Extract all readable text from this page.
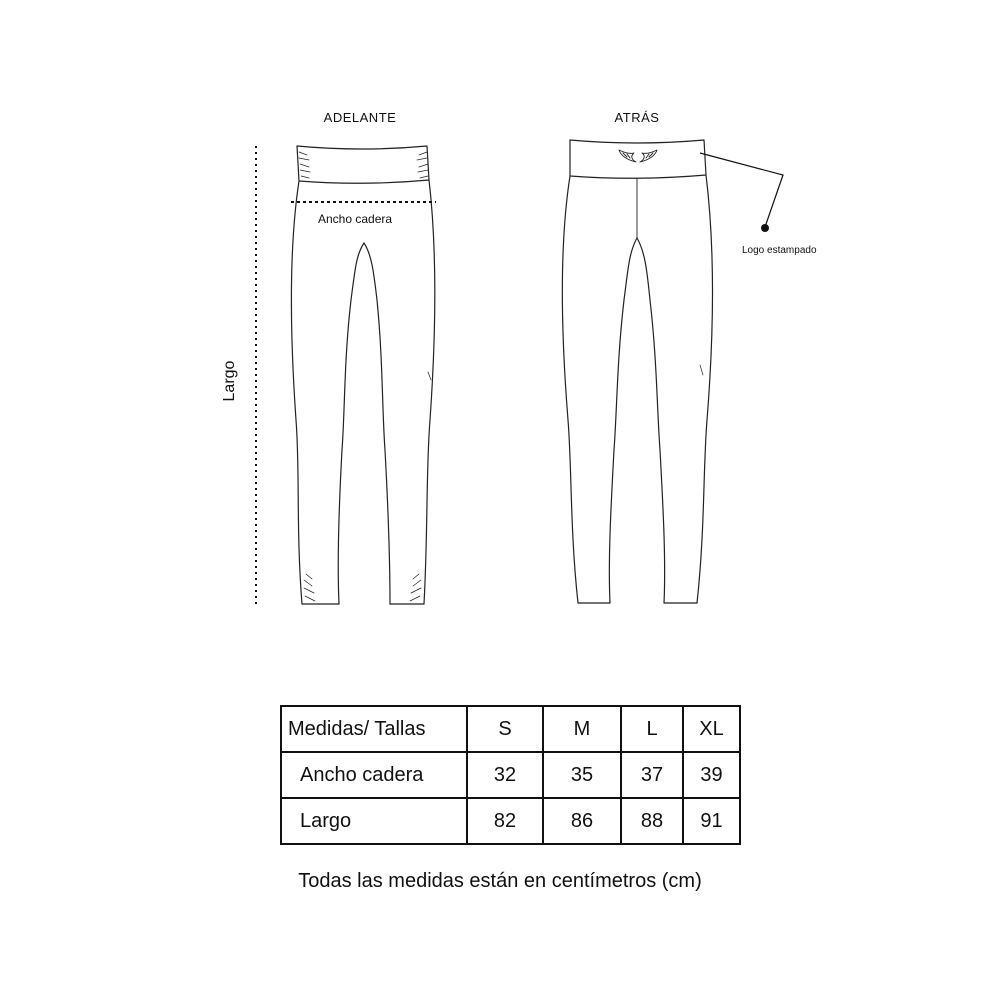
ADELANTE	ATRÁS
Ancho cadera
Logo estampado
Largo
Medidas/ Tallas	S	M	L	XL
Ancho cadera	32	35	37	39
Largo	82	86	88	91
Todas las medidas están en centímetros (cm)
